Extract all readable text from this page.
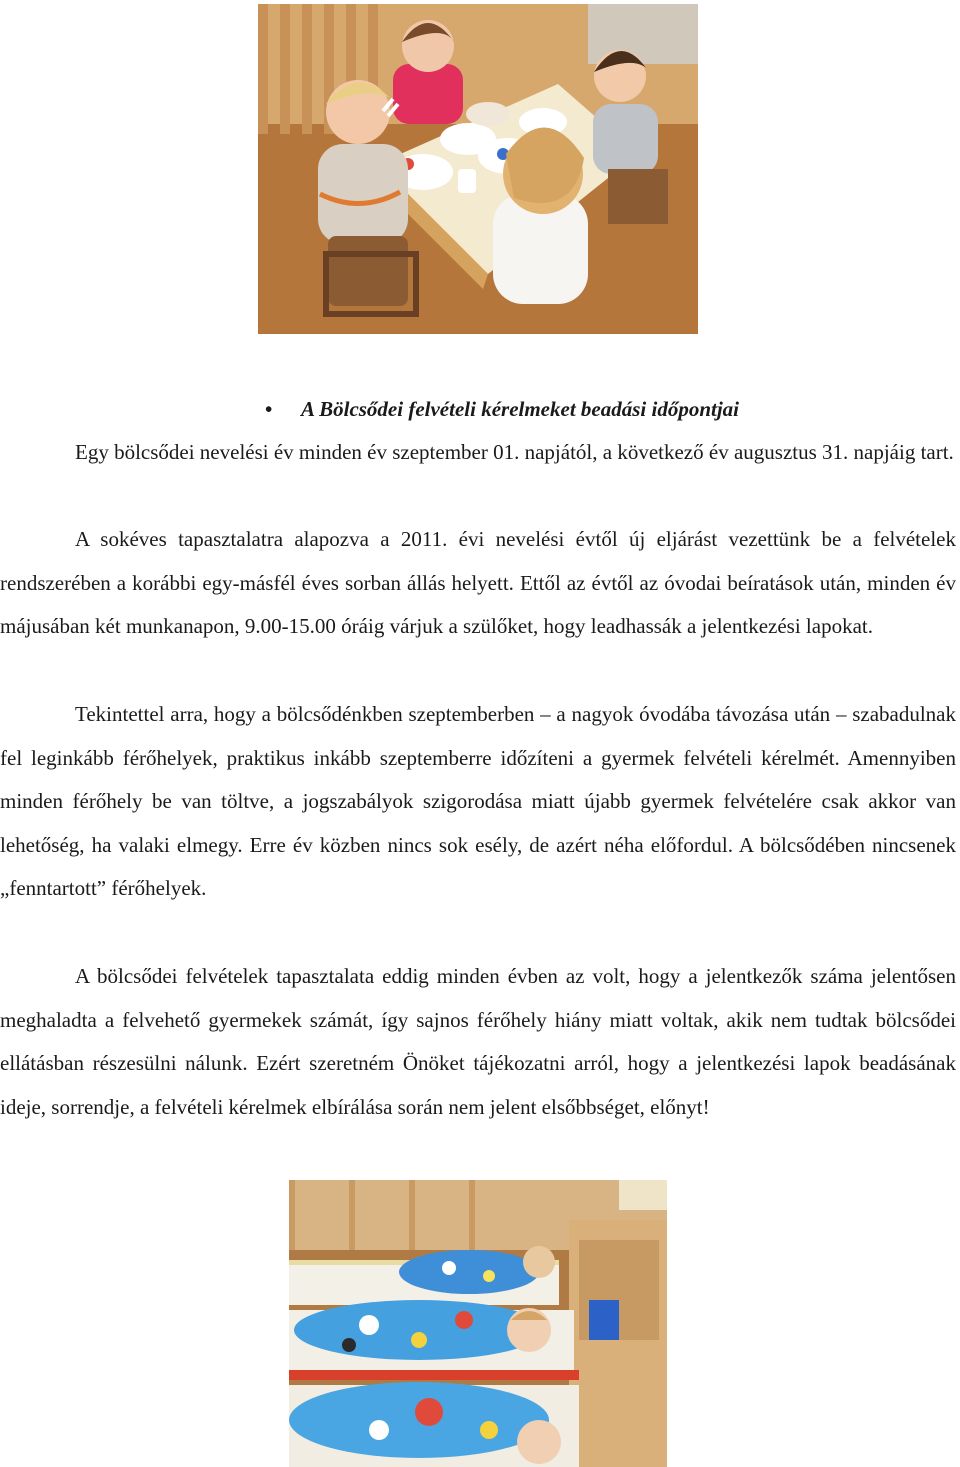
• A Bölcsődei felvételi kérelmeket beadási időpontjai

Egy bölcsődei nevelési év minden év szeptember 01. napjától, a következő év augusztus 31. napjáig tart.

A sokéves tapasztalatra alapozva a 2011. évi nevelési évtől új eljárást vezettünk be a felvételek rendszerében a korábbi egy-másfél éves sorban állás helyett. Ettől az évtől az óvodai beíratások után, minden év májusában két munkanapon, 9.00-15.00 óráig várjuk a szülőket, hogy leadhassák a jelentkezési lapokat.

Tekintettel arra, hogy a bölcsődénkben szeptemberben – a nagyok óvodába távozása után – szabadulnak fel leginkább férőhelyek, praktikus inkább szeptemberre időzíteni a gyermek felvételi kérelmét. Amennyiben minden férőhely be van töltve, a jogszabályok szigorodása miatt újabb gyermek felvételére csak akkor van lehetőség, ha valaki elmegy. Erre év közben nincs sok esély, de azért néha előfordul. A bölcsődében nincsenek „fenntartott” férőhelyek.

A bölcsődei felvételek tapasztalata eddig minden évben az volt, hogy a jelentkezők száma jelentősen meghaladta a felvehető gyermekek számát, így sajnos férőhely hiány miatt voltak, akik nem tudtak bölcsődei ellátásban részesülni nálunk. Ezért szeretném Önöket tájékozatni arról, hogy a jelentkezési lapok beadásának ideje, sorrendje, a felvételi kérelmek elbírálása során nem jelent elsőbbséget, előnyt!
